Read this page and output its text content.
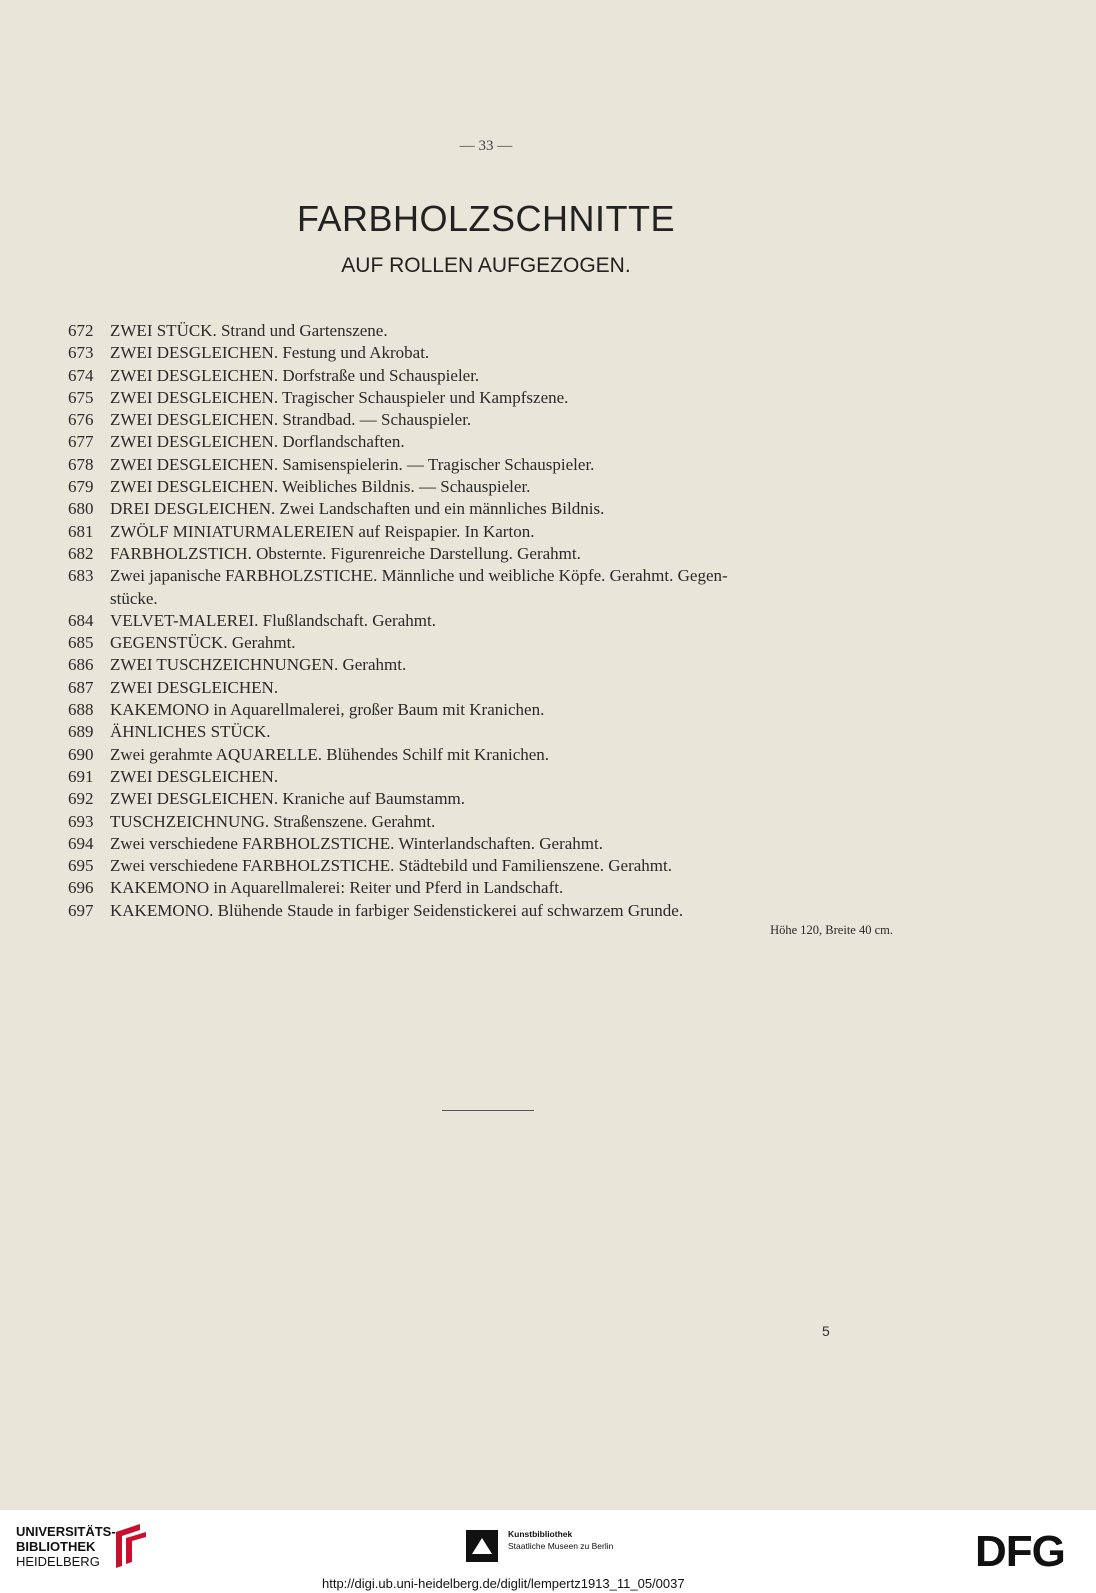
— 33 —
FARBHOLZSCHNITTE
AUF ROLLEN AUFGEZOGEN.
672 ZWEI STÜCK. Strand und Gartenszene.
673 ZWEI DESGLEICHEN. Festung und Akrobat.
674 ZWEI DESGLEICHEN. Dorfstraße und Schauspieler.
675 ZWEI DESGLEICHEN. Tragischer Schauspieler und Kampfszene.
676 ZWEI DESGLEICHEN. Strandbad. — Schauspieler.
677 ZWEI DESGLEICHEN. Dorflandschaften.
678 ZWEI DESGLEICHEN. Samisenspielerin. — Tragischer Schauspieler.
679 ZWEI DESGLEICHEN. Weibliches Bildnis. — Schauspieler.
680 DREI DESGLEICHEN. Zwei Landschaften und ein männliches Bildnis.
681 ZWÖLF MINIATURMALEREIEN auf Reispapier. In Karton.
682 FARBHOLZSTICH. Obsternte. Figurenreiche Darstellung. Gerahmt.
683 Zwei japanische FARBHOLZSTICHE. Männliche und weibliche Köpfe. Gerahmt. Gegen-
stücke.
684 VELVET-MALEREI. Flußlandschaft. Gerahmt.
685 GEGENSTÜCK. Gerahmt.
686 ZWEI TUSCHZEICHNUNGEN. Gerahmt.
687 ZWEI DESGLEICHEN.
688 KAKEMONO in Aquarellmalerei, großer Baum mit Kranichen.
689 ÄHNLICHES STÜCK.
690 Zwei gerahmte AQUARELLE. Blühendes Schilf mit Kranichen.
691 ZWEI DESGLEICHEN.
692 ZWEI DESGLEICHEN. Kraniche auf Baumstamm.
693 TUSCHZEICHNUNG. Straßenszene. Gerahmt.
694 Zwei verschiedene FARBHOLZSTICHE. Winterlandschaften. Gerahmt.
695 Zwei verschiedene FARBHOLZSTICHE. Städtebild und Familienszene. Gerahmt.
696 KAKEMONO in Aquarellmalerei: Reiter und Pferd in Landschaft.
697 KAKEMONO. Blühende Staude in farbiger Seidenstickerei auf schwarzem Grunde.
Höhe 120, Breite 40 cm.
5
UNIVERSITÄTS-
BIBLIOTHEK
HEIDELBERG
Kunstbibliothek
Staatliche Museen zu Berlin	DFG
http://digi.ub.uni-heidelberg.de/diglit/lempertz1913_11_05/0037
